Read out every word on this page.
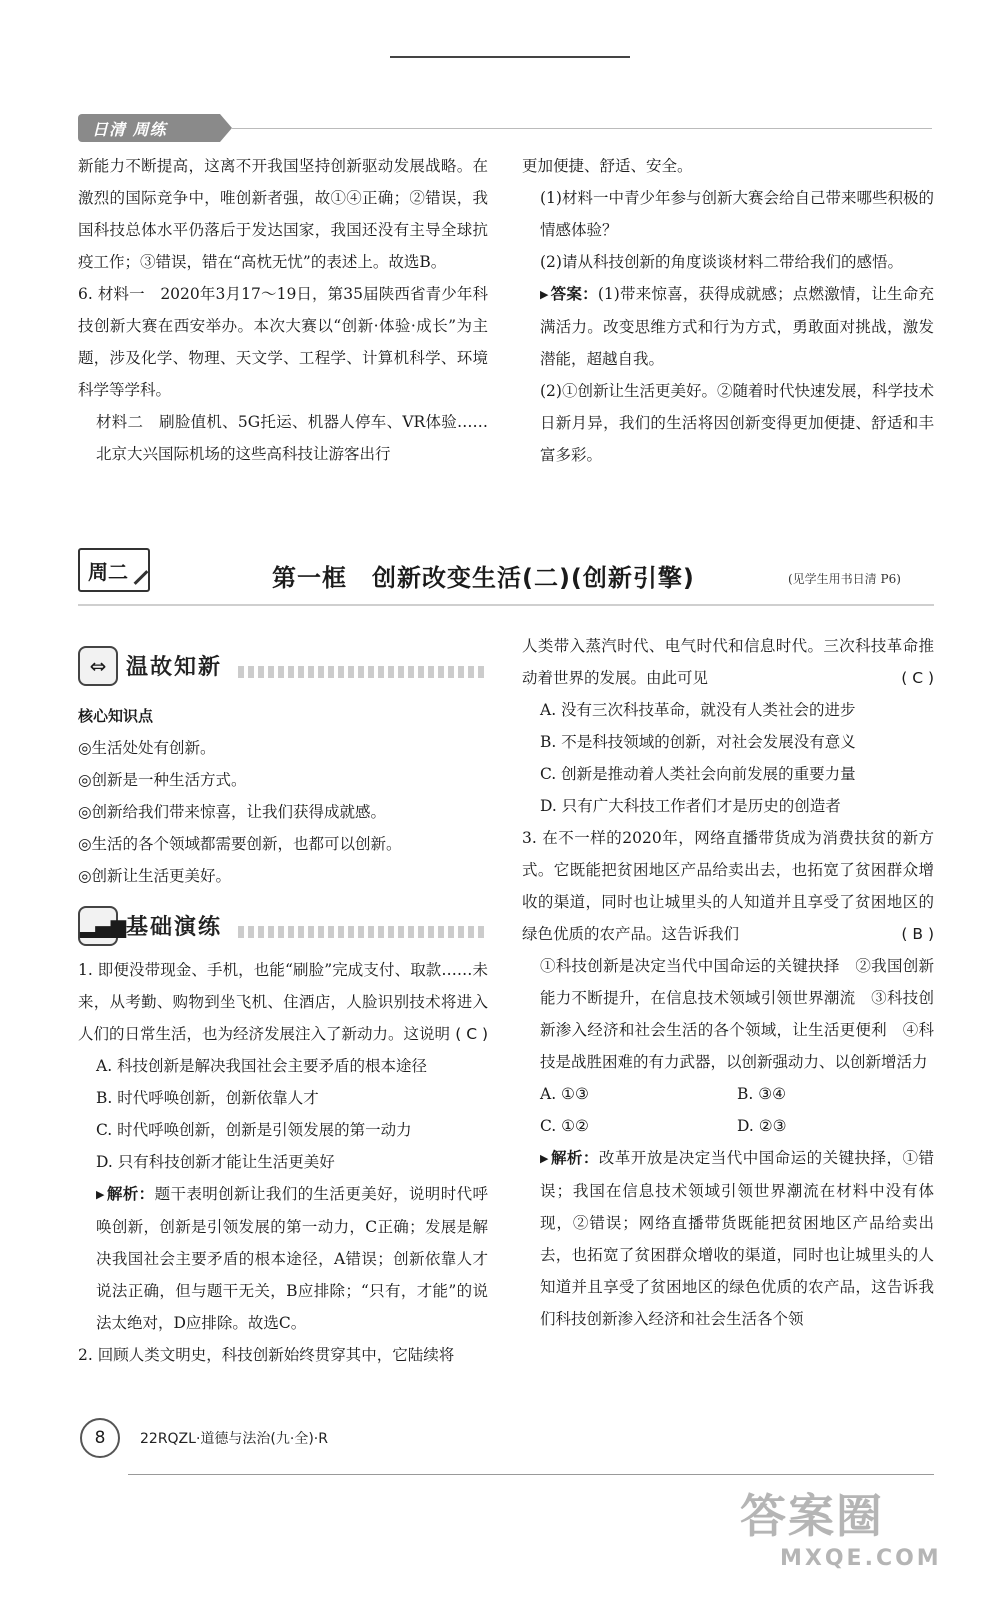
日清 周练

新能力不断提高，这离不开我国坚持创新驱动发展战略。在激烈的国际竞争中，唯创新者强，故①④正确；②错误，我国科技总体水平仍落后于发达国家，我国还没有主导全球抗疫工作；③错误，错在“高枕无忧”的表述上。故选B。

6. 材料一　2020年3月17～19日，第35届陕西省青少年科技创新大赛在西安举办。本次大赛以“创新·体验·成长”为主题，涉及化学、物理、天文学、工程学、计算机科学、环境科学等学科。

材料二　刷脸值机、5G托运、机器人停车、VR体验……北京大兴国际机场的这些高科技让游客出行

更加便捷、舒适、安全。

(1)材料一中青少年参与创新大赛会给自己带来哪些积极的情感体验？

(2)请从科技创新的角度谈谈材料二带给我们的感悟。

▶ 答案：(1)带来惊喜，获得成就感；点燃激情，让生命充满活力。改变思维方式和行为方式，勇敢面对挑战，激发潜能，超越自我。

(2)①创新让生活更美好。②随着时代快速发展，科学技术日新月异，我们的生活将因创新变得更加便捷、舒适和丰富多彩。

周二	第一框　创新改变生活(二)(创新引擎)	(见学生用书日清 P6)
⇔ 温故知新

核心知识点

◎生活处处有创新。

◎创新是一种生活方式。

◎创新给我们带来惊喜，让我们获得成就感。

◎生活的各个领域都需要创新，也都可以创新。

◎创新让生活更美好。

1. 即便没带现金、手机，也能“刷脸”完成支付、取款……未来，从考勤、购物到坐飞机、住酒店，人脸识别技术将进入人们的日常生活，也为经济发展注入了新动力。这说明 ( C )

A. 科技创新是解决我国社会主要矛盾的根本途径

B. 时代呼唤创新，创新依靠人才

C. 时代呼唤创新，创新是引领发展的第一动力

D. 只有科技创新才能让生活更美好

▶ 解析：题干表明创新让我们的生活更美好，说明时代呼唤创新，创新是引领发展的第一动力，C正确；发展是解决我国社会主要矛盾的根本途径，A错误；创新依靠人才说法正确，但与题干无关，B应排除；“只有，才能”的说法太绝对，D应排除。故选C。

2. 回顾人类文明史，科技创新始终贯穿其中，它陆续将

▂▄▆ 基础演练

人类带入蒸汽时代、电气时代和信息时代。三次科技革命推动着世界的发展。由此可见	( C )

A. 没有三次科技革命，就没有人类社会的进步

B. 不是科技领域的创新，对社会发展没有意义

C. 创新是推动着人类社会向前发展的重要力量

D. 只有广大科技工作者们才是历史的创造者

3. 在不一样的2020年，网络直播带货成为消费扶贫的新方式。它既能把贫困地区产品给卖出去，也拓宽了贫困群众增收的渠道，同时也让城里头的人知道并且享受了贫困地区的绿色优质的农产品。这告诉我们	( B )

①科技创新是决定当代中国命运的关键抉择　②我国创新能力不断提升，在信息技术领域引领世界潮流　③科技创新渗入经济和社会生活的各个领域，让生活更便利　④科技是战胜困难的有力武器，以创新强动力、以创新增活力

A. ①③	B. ③④
C. ①②	D. ②③

▶ 解析：改革开放是决定当代中国命运的关键抉择，①错误；我国在信息技术领域引领世界潮流在材料中没有体现，②错误；网络直播带货既能把贫困地区产品给卖出去，也拓宽了贫困群众增收的渠道，同时也让城里头的人知道并且享受了贫困地区的绿色优质的农产品，这告诉我们科技创新渗入经济和社会生活各个领

8	22RQZL·道德与法治(九·全)·R
答案圈
MXQE.COM
